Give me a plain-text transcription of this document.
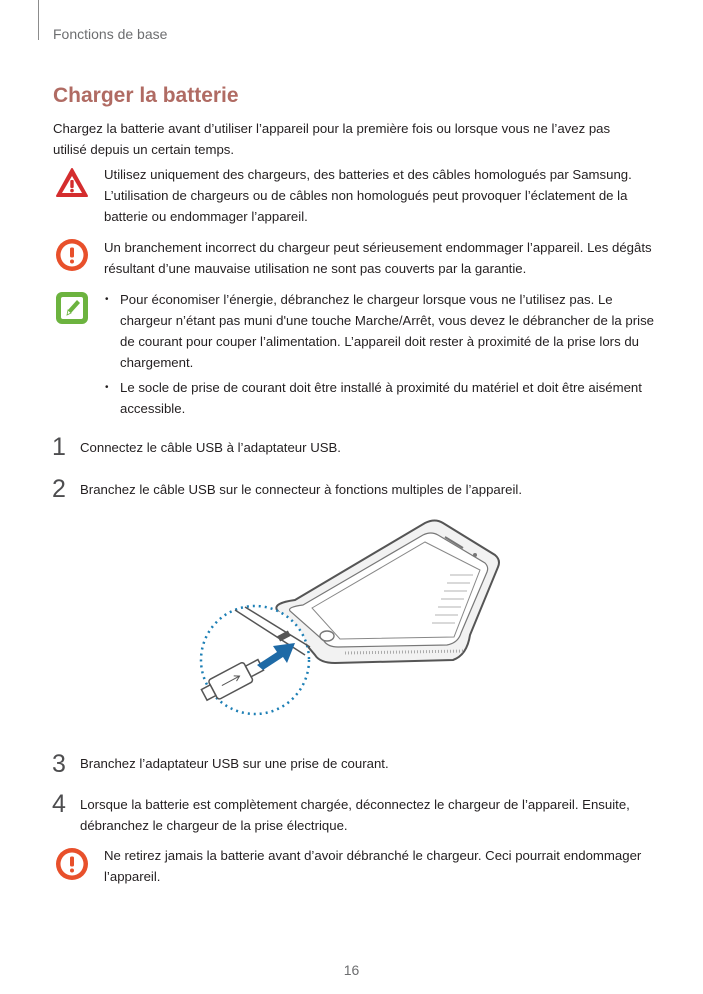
Fonctions de base
Charger la batterie
Chargez la batterie avant d’utiliser l’appareil pour la première fois ou lorsque vous ne l’avez pas utilisé depuis un certain temps.
Utilisez uniquement des chargeurs, des batteries et des câbles homologués par Samsung. L’utilisation de chargeurs ou de câbles non homologués peut provoquer l’éclatement de la batterie ou endommager l’appareil.
Un branchement incorrect du chargeur peut sérieusement endommager l’appareil. Les dégâts résultant d’une mauvaise utilisation ne sont pas couverts par la garantie.
• Pour économiser l’énergie, débranchez le chargeur lorsque vous ne l’utilisez pas. Le chargeur n’étant pas muni d'une touche Marche/Arrêt, vous devez le débrancher de la prise de courant pour couper l’alimentation. L’appareil doit rester à proximité de la prise lors du chargement.
• Le socle de prise de courant doit être installé à proximité du matériel et doit être aisément accessible.
1 Connectez le câble USB à l’adaptateur USB.
2 Branchez le câble USB sur le connecteur à fonctions multiples de l’appareil.
3 Branchez l’adaptateur USB sur une prise de courant.
4 Lorsque la batterie est complètement chargée, déconnectez le chargeur de l’appareil. Ensuite, débranchez le chargeur de la prise électrique.
Ne retirez jamais la batterie avant d’avoir débranché le chargeur. Ceci pourrait endommager l’appareil.
16
